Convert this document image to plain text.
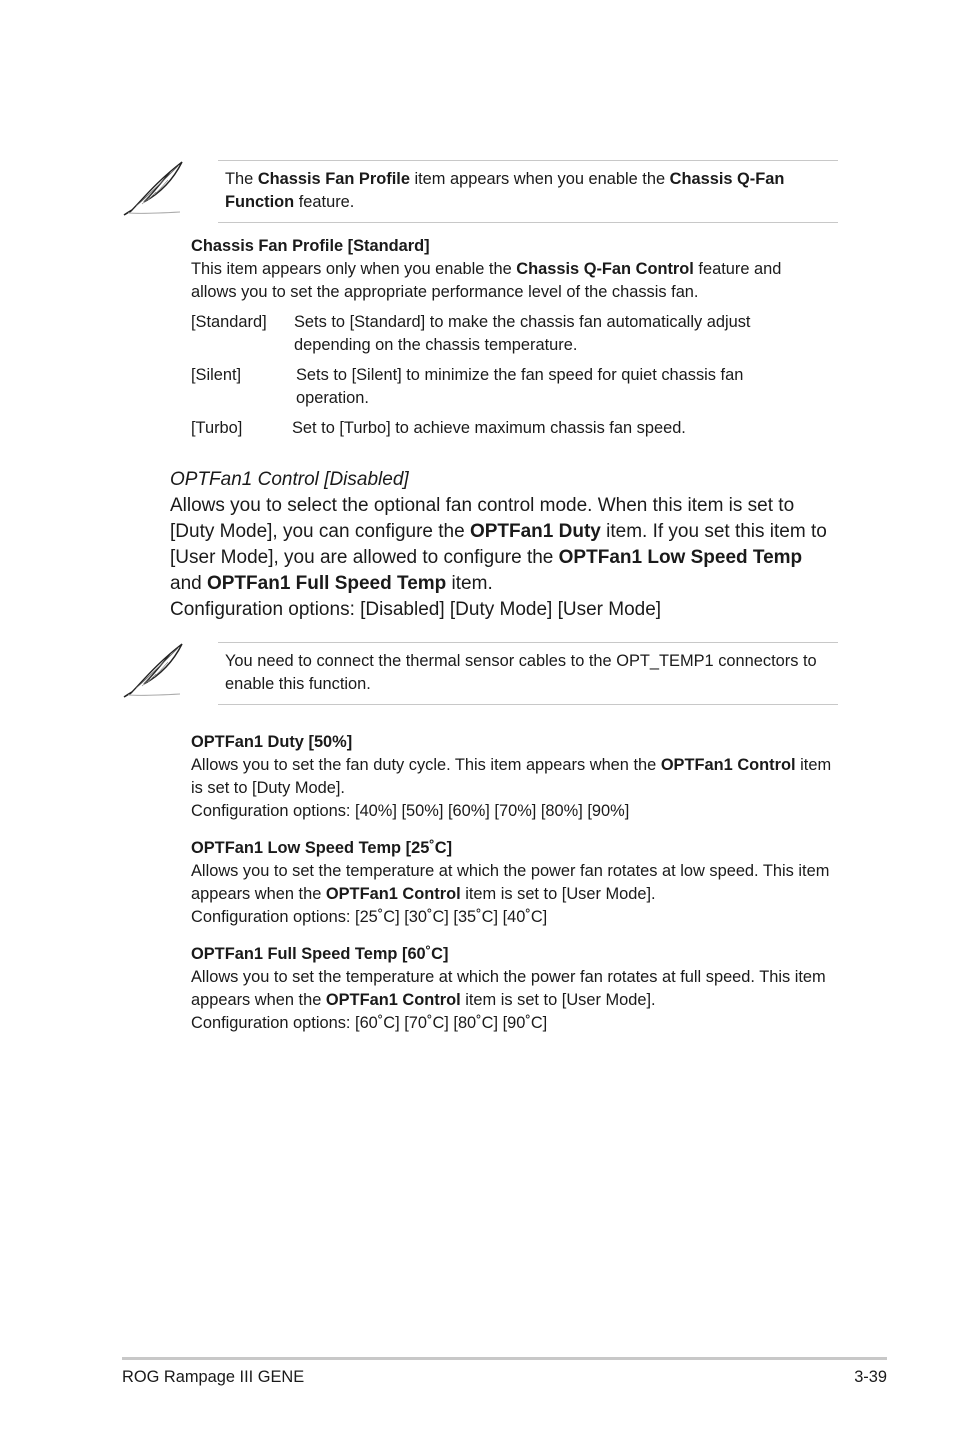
The Chassis Fan Profile item appears when you enable the Chassis Q-Fan Function feature.
Chassis Fan Profile [Standard]
This item appears only when you enable the Chassis Q-Fan Control feature and allows you to set the appropriate performance level of the chassis fan.
[Standard] Sets to [Standard] to make the chassis fan automatically adjust depending on the chassis temperature.
[Silent]	Sets to [Silent] to minimize the fan speed for quiet chassis fan operation.
[Turbo]	Set to [Turbo] to achieve maximum chassis fan speed.
OPTFan1 Control [Disabled]
Allows you to select the optional fan control mode. When this item is set to [Duty Mode], you can configure the OPTFan1 Duty item. If you set this item to [User Mode], you are allowed to configure the OPTFan1 Low Speed Temp and OPTFan1 Full Speed Temp item.
Configuration options: [Disabled] [Duty Mode] [User Mode]
You need to connect the thermal sensor cables to the OPT_TEMP1 connectors to enable this function.
OPTFan1 Duty [50%]
Allows you to set the fan duty cycle. This item appears when the OPTFan1 Control item is set to [Duty Mode].
Configuration options: [40%] [50%] [60%] [70%] [80%] [90%]
OPTFan1 Low Speed Temp [25˚C]
Allows you to set the temperature at which the power fan rotates at low speed. This item appears when the OPTFan1 Control item is set to [User Mode].
Configuration options: [25˚C] [30˚C] [35˚C] [40˚C]
OPTFan1 Full Speed Temp [60˚C]
Allows you to set the temperature at which the power fan rotates at full speed. This item appears when the OPTFan1 Control item is set to [User Mode].
Configuration options: [60˚C] [70˚C] [80˚C] [90˚C]
ROG Rampage III GENE	3-39
